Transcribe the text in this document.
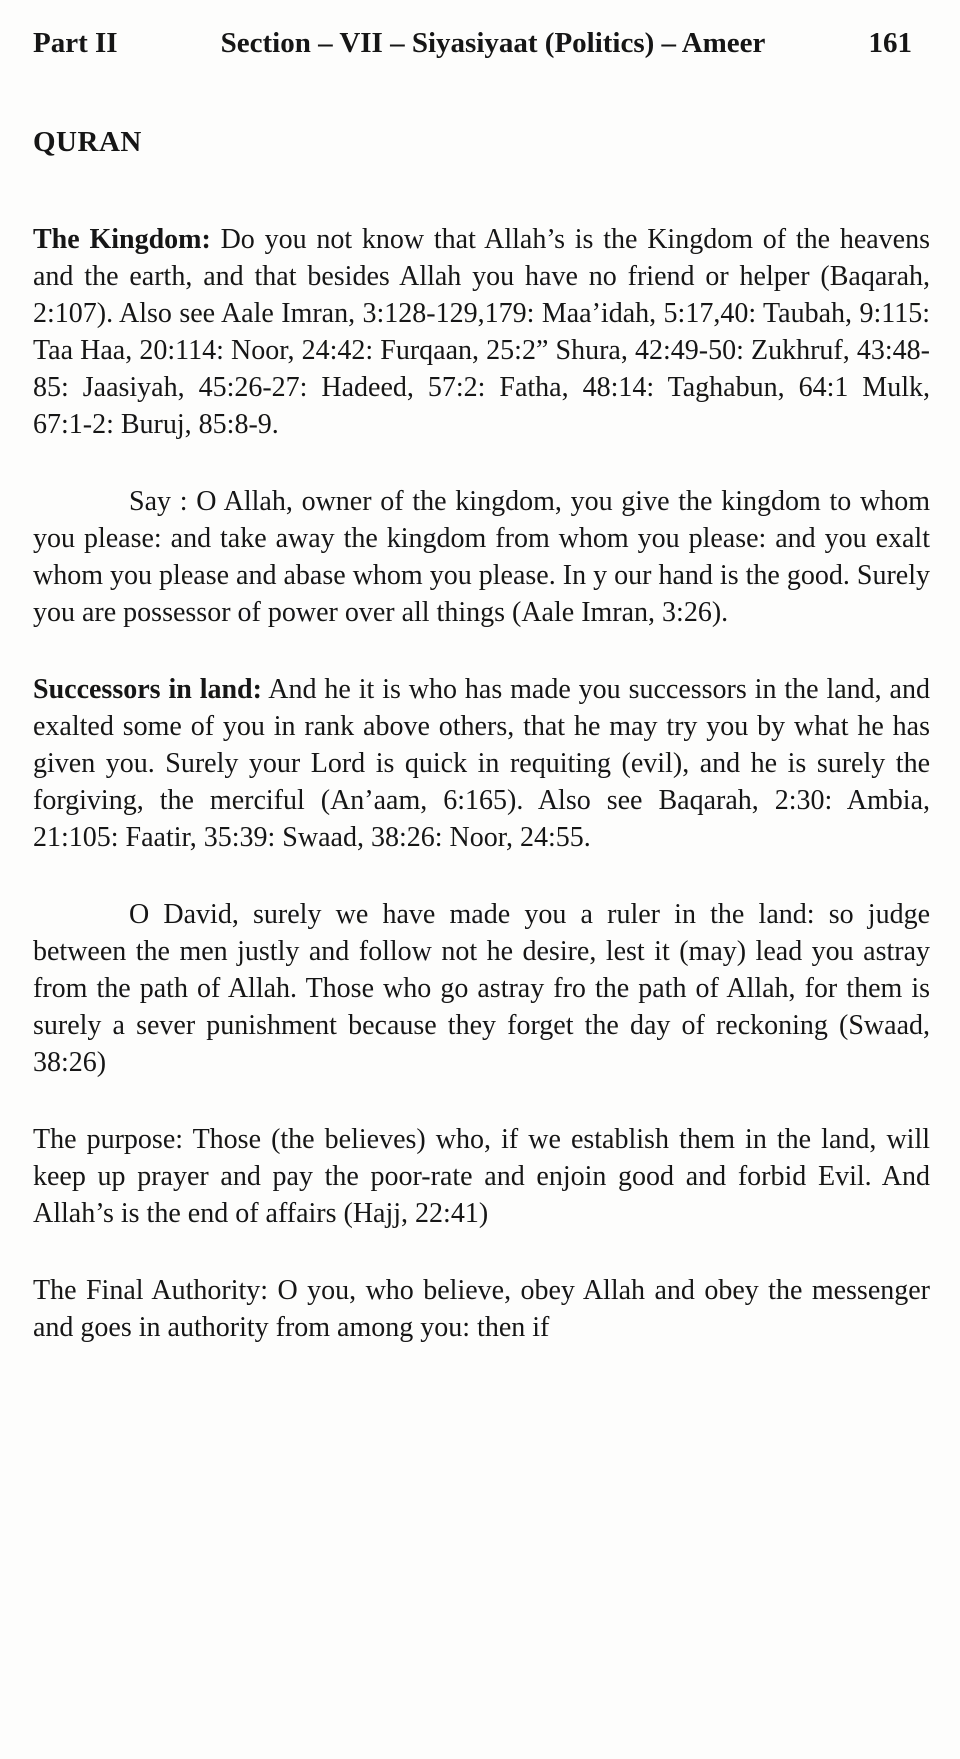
Part II	Section – VII – Siyasiyaat (Politics) – Ameer	161
QURAN

The Kingdom: Do you not know that Allah’s is the Kingdom of the heavens and the earth, and that besides Allah you have no friend or helper (Baqarah, 2:107). Also see Aale Imran, 3:128-129,179: Maa’idah, 5:17,40: Taubah, 9:115: Taa Haa, 20:114: Noor, 24:42: Furqaan, 25:2” Shura, 42:49-50: Zukhruf, 43:48-85: Jaasiyah, 45:26-27: Hadeed, 57:2: Fatha, 48:14: Taghabun, 64:1 Mulk, 67:1-2: Buruj, 85:8-9.

Say : O Allah, owner of the kingdom, you give the kingdom to whom you please: and take away the kingdom from whom you please: and you exalt whom you please and abase whom you please. In y our hand is the good. Surely you are possessor of power over all things (Aale Imran, 3:26).

Successors in land: And he it is who has made you successors in the land, and exalted some of you in rank above others, that he may try you by what he has given you. Surely your Lord is quick in requiting (evil), and he is surely the forgiving, the merciful (An’aam, 6:165). Also see Baqarah, 2:30: Ambia, 21:105: Faatir, 35:39: Swaad, 38:26: Noor, 24:55.

O David, surely we have made you a ruler in the land: so judge between the men justly and follow not he desire, lest it (may) lead you astray from the path of Allah. Those who go astray fro the path of Allah, for them is surely a sever punishment because they forget the day of reckoning (Swaad, 38:26)

The purpose: Those (the believes) who, if we establish them in the land, will keep up prayer and pay the poor-rate and enjoin good and forbid Evil. And Allah’s is the end of affairs (Hajj, 22:41)

The Final Authority: O you, who believe, obey Allah and obey the messenger and goes in authority from among you: then if
